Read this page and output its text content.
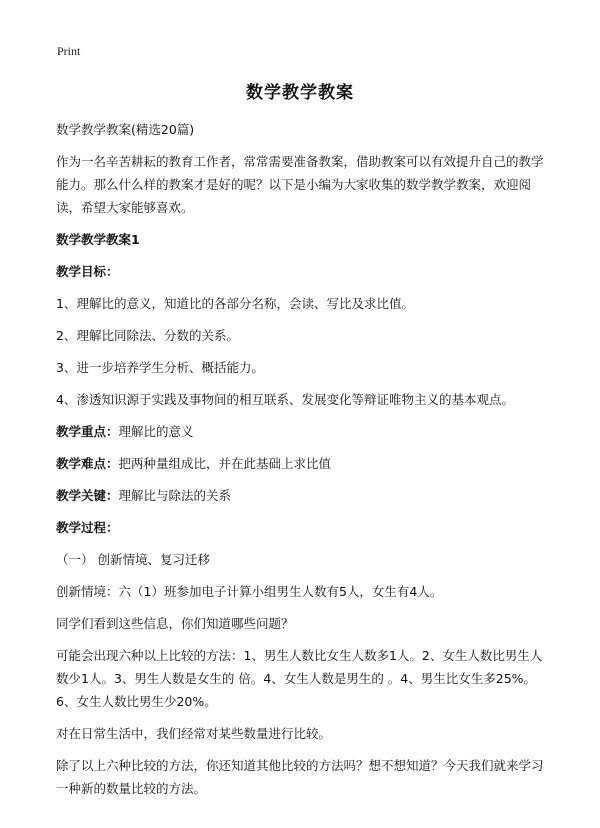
Print
数学教学教案

数学教学教案(精选20篇)

作为一名辛苦耕耘的教育工作者，常常需要准备教案，借助教案可以有效提升自己的教学能力。那么什么样的教案才是好的呢？以下是小编为大家收集的数学教学教案，欢迎阅读，希望大家能够喜欢。

数学教学教案1

教学目标：

1、理解比的意义，知道比的各部分名称，会读、写比及求比值。

2、理解比同除法、分数的关系。

3、进一步培养学生分析、概括能力。

4、渗透知识源于实践及事物间的相互联系、发展变化等辩证唯物主义的基本观点。

教学重点：理解比的意义

教学难点：把两种量组成比，并在此基础上求比值

教学关键：理解比与除法的关系

教学过程：

（一） 创新情境、复习迁移

创新情境：六（1）班参加电子计算小组男生人数有5人，女生有4人。

同学们看到这些信息，你们知道哪些问题？

可能会出现六种以上比较的方法：1、男生人数比女生人数多1人。2、女生人数比男生人数少1人。3、男生人数是女生的 倍。4、女生人数是男生的 。4、男生比女生多25%。6、女生人数比男生少20%。

对在日常生活中，我们经常对某些数量进行比较。

除了以上六种比较的方法，你还知道其他比较的方法吗？想不想知道？今天我们就来学习一种新的数量比较的方法。
